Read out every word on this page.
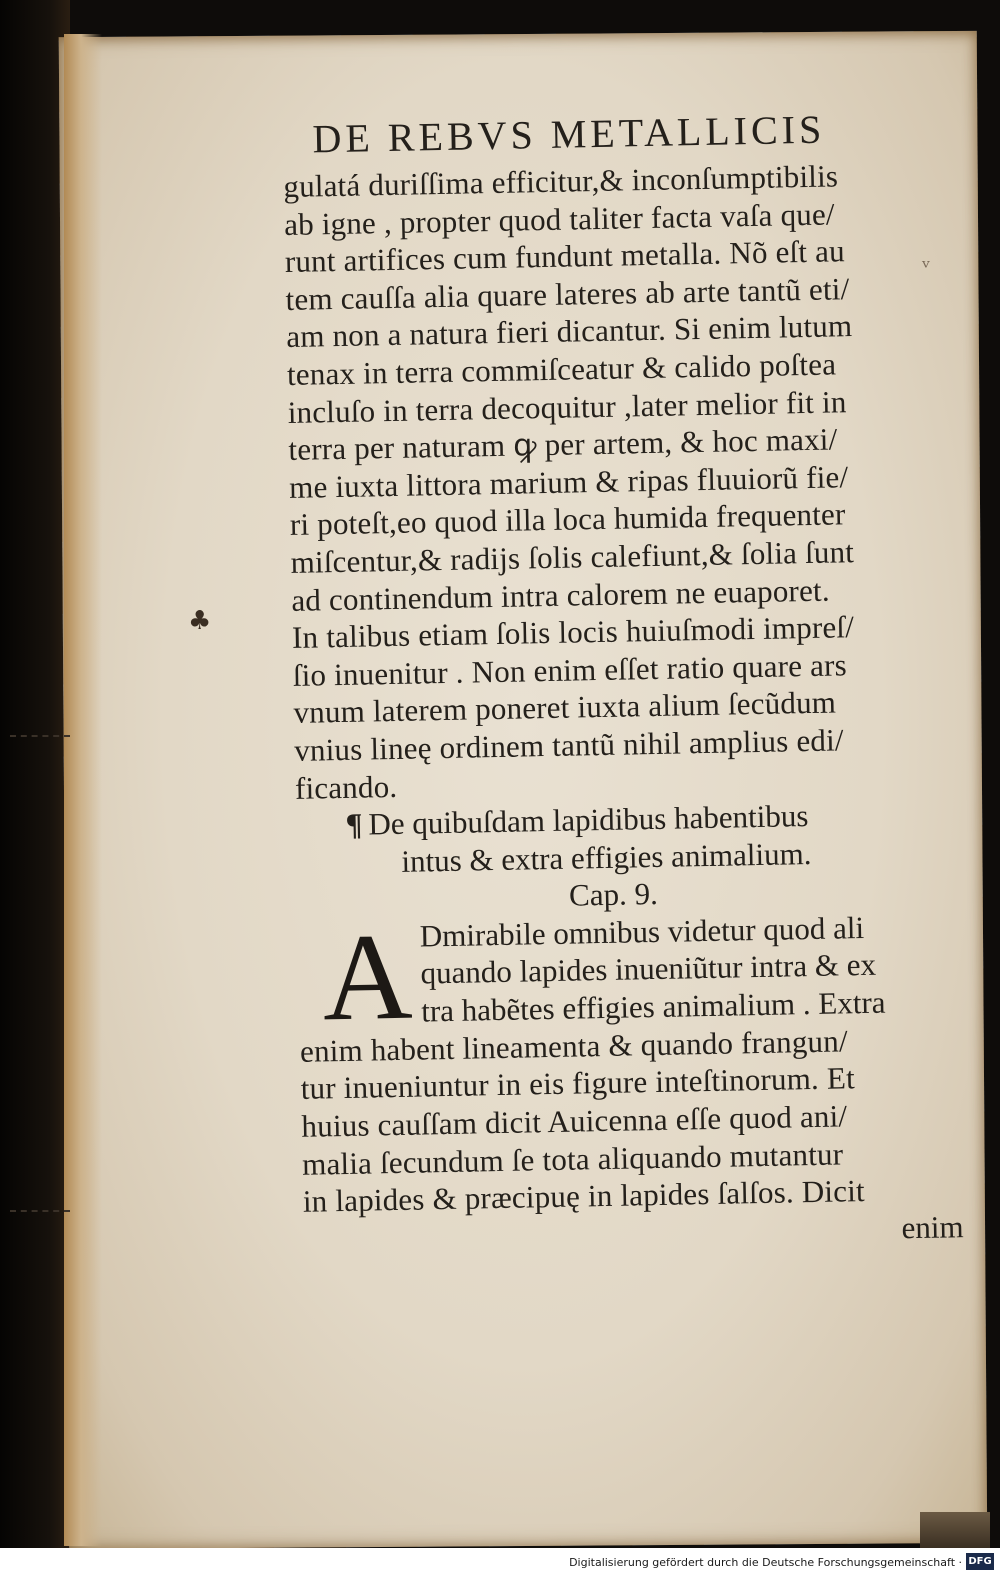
ᵛ
♣
DE REBVS METALLICIS
gulatá duriſſima efficitur,& inconſumptibilis
ab igne , propter quod taliter facta vaſa que/
runt artifices cum fundunt metalla. Nõ eſt au
tem cauſſa alia quare lateres ab arte tantũ eti/
am non a natura fieri dicantur. Si enim lutum
tenax in terra commiſceatur & calido poſtea
incluſo in terra decoquitur ,later melior fit in
terra per naturam ꝙ per artem, & hoc maxi/
me iuxta littora marium & ripas fluuiorũ fie/
ri poteſt,eo quod illa loca humida frequenter
miſcentur,& radijs ſolis calefiunt,& ſolia ſunt
ad continendum intra calorem ne euaporet.
In talibus etiam ſolis locis huiuſmodi impreſ/
ſio inuenitur . Non enim eſſet ratio quare ars
vnum laterem poneret iuxta alium ſecũdum
vnius lineę ordinem tantũ nihil amplius edi/
ficando.
¶ De quibuſdam lapidibus habentibus
intus & extra effigies animalium.
Cap. 9.
A Dmirabile omnibus videtur quod ali
quando lapides inueniũtur intra & ex
tra habẽtes effigies animalium . Extra
enim habent lineamenta & quando frangun/
tur inueniuntur in eis figure inteſtinorum. Et
huius cauſſam dicit Auicenna eſſe quod ani/
malia ſecundum ſe tota aliquando mutantur
in lapides & præcipuę in lapides ſalſos. Dicit
enim
Digitalisierung gefördert durch die Deutsche Forschungsgemeinschaft · DFG
